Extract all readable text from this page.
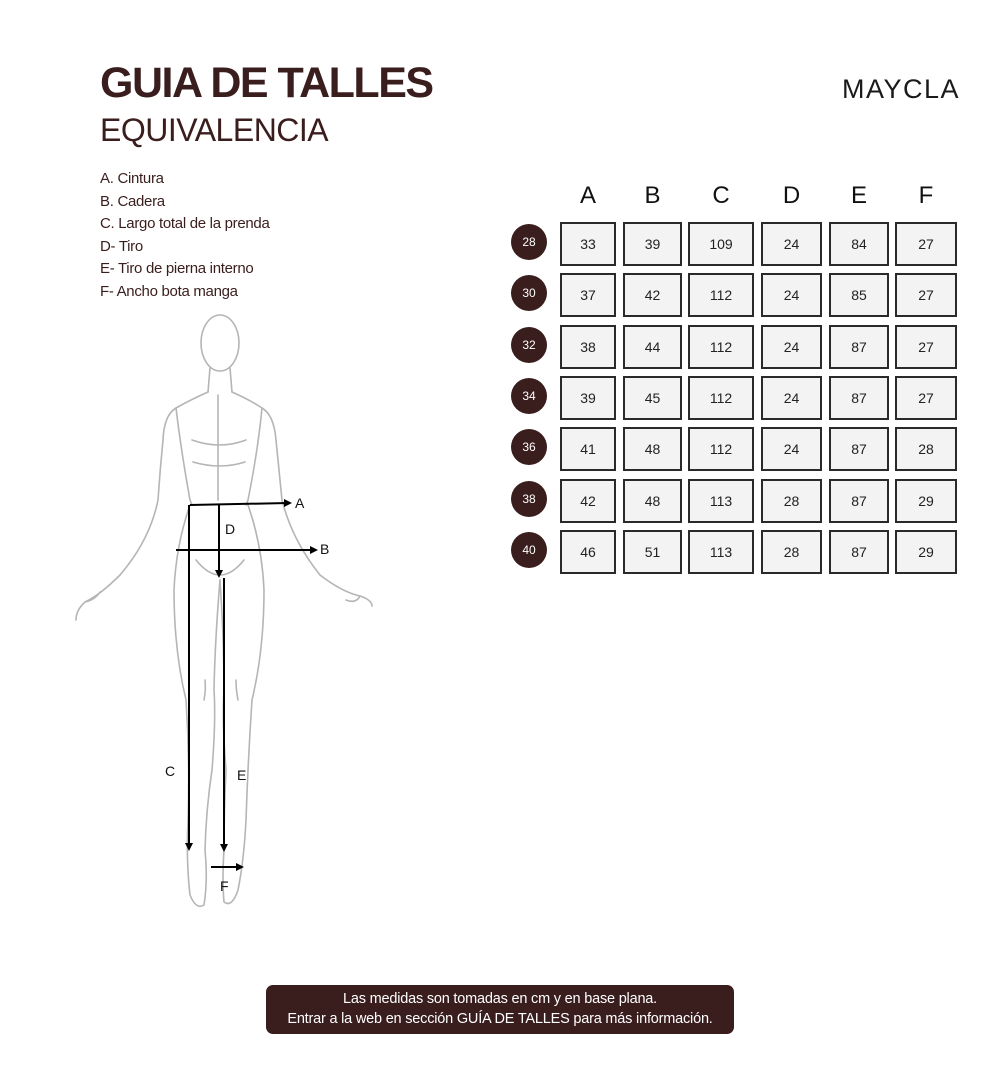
GUIA DE TALLES
EQUIVALENCIA
MAYCLA
A. Cintura
B. Cadera
C. Largo total de la prenda
D- Tiro
E- Tiro de pierna interno
F- Ancho bota manga
A
B
C
D
E
F
A	B	C	D	E	F
28	33	39	109	24	84	27
30	37	42	112	24	85	27
32	38	44	112	24	87	27
34	39	45	112	24	87	27
36	41	48	112	24	87	28
38	42	48	113	28	87	29
40	46	51	113	28	87	29
Las medidas son tomadas en cm y en base plana.
Entrar a la web en sección GUÍA DE TALLES para más información.
